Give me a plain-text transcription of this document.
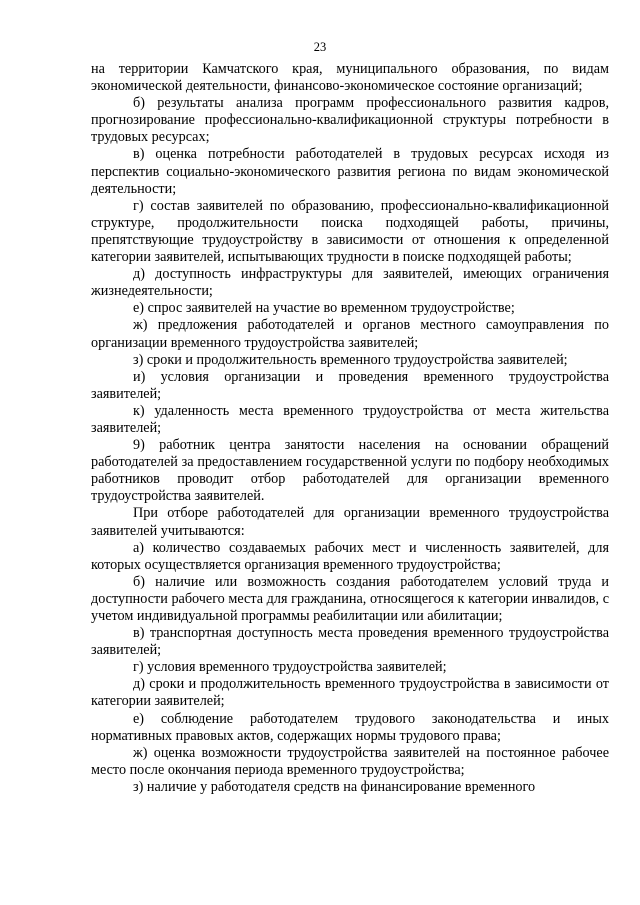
23

на территории Камчатского края, муниципального образования, по видам экономической деятельности, финансово-экономическое состояние организаций;

б) результаты анализа программ профессионального развития кадров, прогнозирование профессионально-квалификационной структуры потребности в трудовых ресурсах;

в) оценка потребности работодателей в трудовых ресурсах исходя из перспектив социально-экономического развития региона по видам экономической деятельности;

г) состав заявителей по образованию, профессионально-квалификационной структуре, продолжительности поиска подходящей работы, причины, препятствующие трудоустройству в зависимости от отношения к определенной категории заявителей, испытывающих трудности в поиске подходящей работы;

д) доступность инфраструктуры для заявителей, имеющих ограничения жизнедеятельности;

е) спрос заявителей на участие во временном трудоустройстве;

ж) предложения работодателей и органов местного самоуправления по организации временного трудоустройства заявителей;

з) сроки и продолжительность временного трудоустройства заявителей;

и) условия организации и проведения временного трудоустройства заявителей;

к) удаленность места временного трудоустройства от места жительства заявителей;

9) работник центра занятости населения на основании обращений работодателей за предоставлением государственной услуги по подбору необходимых работников проводит отбор работодателей для организации временного трудоустройства заявителей.

При отборе работодателей для организации временного трудоустройства заявителей учитываются:

а) количество создаваемых рабочих мест и численность заявителей, для которых осуществляется организация временного трудоустройства;

б) наличие или возможность создания работодателем условий труда и доступности рабочего места для гражданина, относящегося к категории инвалидов, с учетом индивидуальной программы реабилитации или абилитации;

в) транспортная доступность места проведения временного трудоустройства заявителей;

г) условия временного трудоустройства заявителей;

д) сроки и продолжительность временного трудоустройства в зависимости от категории заявителей;

е) соблюдение работодателем трудового законодательства и иных нормативных правовых актов, содержащих нормы трудового права;

ж) оценка возможности трудоустройства заявителей на постоянное рабочее место после окончания периода временного трудоустройства;

з) наличие у работодателя средств на финансирование временного
